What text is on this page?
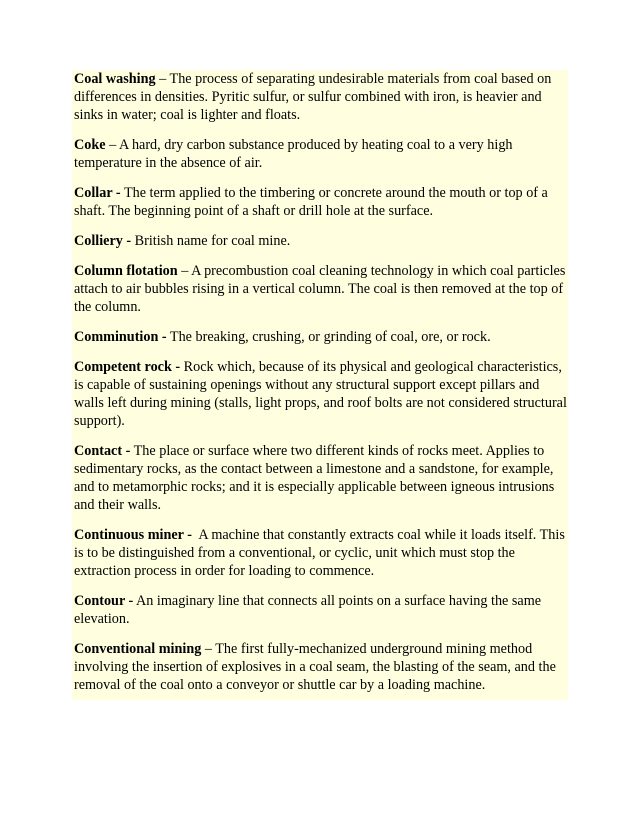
Coal washing – The process of separating undesirable materials from coal based on differences in densities. Pyritic sulfur, or sulfur combined with iron, is heavier and sinks in water; coal is lighter and floats.

Coke – A hard, dry carbon substance produced by heating coal to a very high temperature in the absence of air.

Collar - The term applied to the timbering or concrete around the mouth or top of a shaft. The beginning point of a shaft or drill hole at the surface.

Colliery - British name for coal mine.

Column flotation – A precombustion coal cleaning technology in which coal particles attach to air bubbles rising in a vertical column. The coal is then removed at the top of the column.

Comminution - The breaking, crushing, or grinding of coal, ore, or rock.

Competent rock - Rock which, because of its physical and geological characteristics, is capable of sustaining openings without any structural support except pillars and walls left during mining (stalls, light props, and roof bolts are not considered structural support).

Contact - The place or surface where two different kinds of rocks meet. Applies to sedimentary rocks, as the contact between a limestone and a sandstone, for example, and to metamorphic rocks; and it is especially applicable between igneous intrusions and their walls.

Continuous miner - A machine that constantly extracts coal while it loads itself. This is to be distinguished from a conventional, or cyclic, unit which must stop the extraction process in order for loading to commence.

Contour - An imaginary line that connects all points on a surface having the same elevation.

Conventional mining – The first fully-mechanized underground mining method involving the insertion of explosives in a coal seam, the blasting of the seam, and the removal of the coal onto a conveyor or shuttle car by a loading machine.
